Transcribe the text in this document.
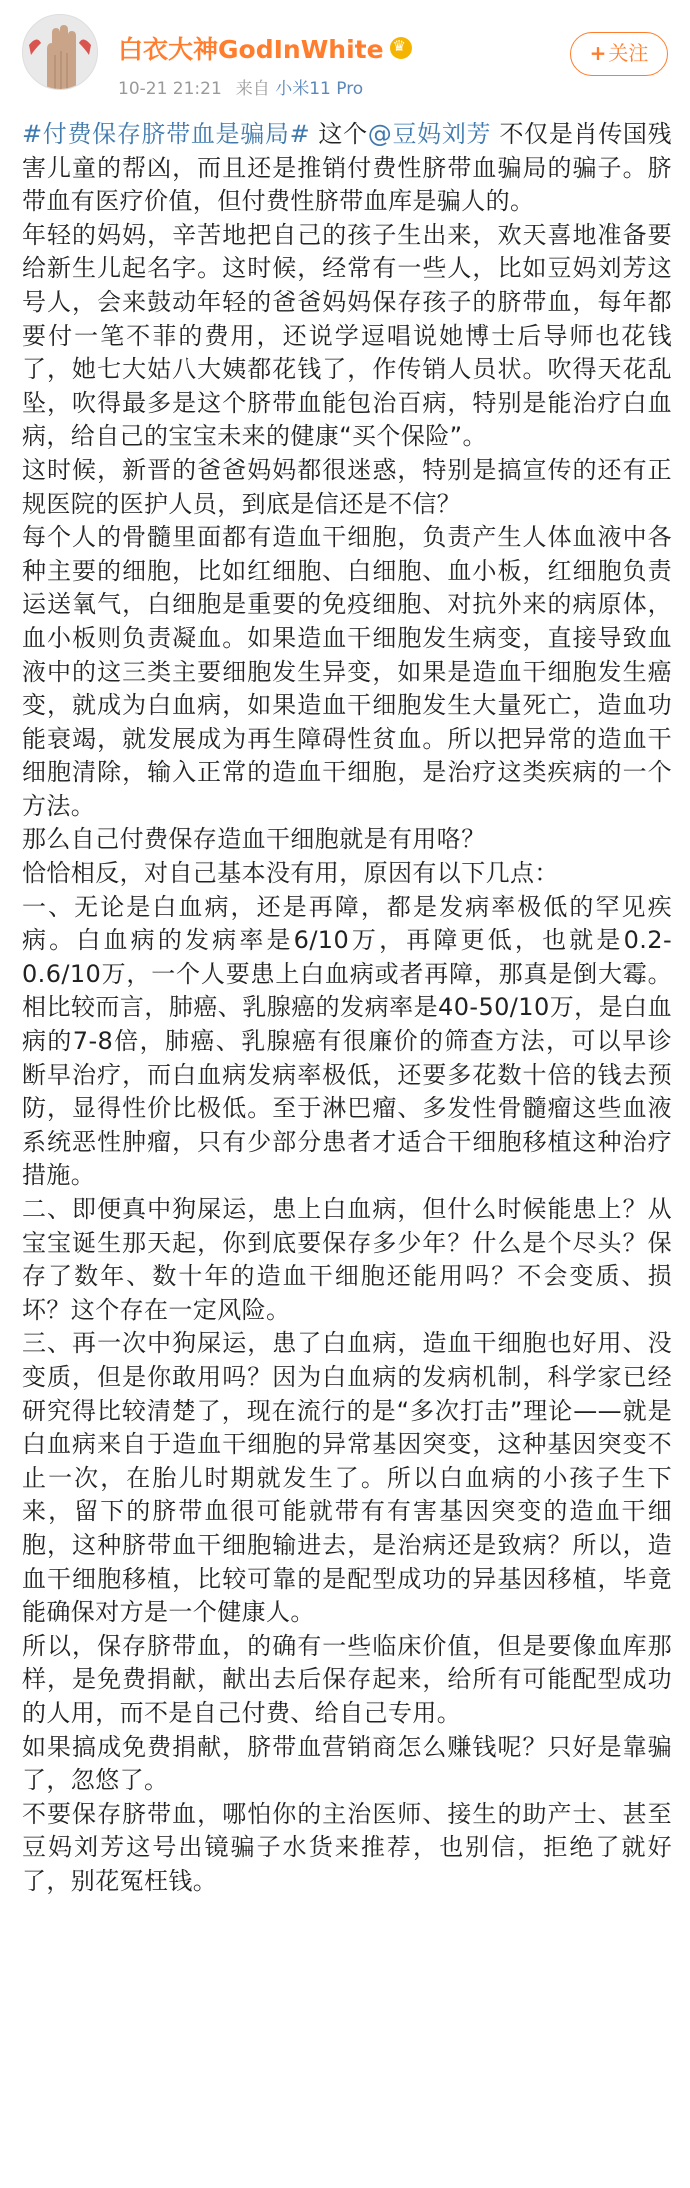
白衣大神GodInWhite
♛
10-21 21:21 来自 小米11 Pro
+ 关注

#付费保存脐带血是骗局# 这个@豆妈刘芳 不仅是肖传国残害儿童的帮凶，而且还是推销付费性脐带血骗局的骗子。脐带血有医疗价值，但付费性脐带血库是骗人的。

年轻的妈妈，辛苦地把自己的孩子生出来，欢天喜地准备要给新生儿起名字。这时候，经常有一些人，比如豆妈刘芳这号人，会来鼓动年轻的爸爸妈妈保存孩子的脐带血，每年都要付一笔不菲的费用，还说学逗唱说她博士后导师也花钱了，她七大姑八大姨都花钱了，作传销人员状。吹得天花乱坠，吹得最多是这个脐带血能包治百病，特别是能治疗白血病，给自己的宝宝未来的健康“买个保险”。

这时候，新晋的爸爸妈妈都很迷惑，特别是搞宣传的还有正规医院的医护人员，到底是信还是不信？

每个人的骨髓里面都有造血干细胞，负责产生人体血液中各种主要的细胞，比如红细胞、白细胞、血小板，红细胞负责运送氧气，白细胞是重要的免疫细胞、对抗外来的病原体，血小板则负责凝血。如果造血干细胞发生病变，直接导致血液中的这三类主要细胞发生异变，如果是造血干细胞发生癌变，就成为白血病，如果造血干细胞发生大量死亡，造血功能衰竭，就发展成为再生障碍性贫血。所以把异常的造血干细胞清除，输入正常的造血干细胞，是治疗这类疾病的一个方法。

那么自己付费保存造血干细胞就是有用咯？

恰恰相反，对自己基本没有用，原因有以下几点：

一、无论是白血病，还是再障，都是发病率极低的罕见疾病。白血病的发病率是6/10万，再障更低，也就是0.2-0.6/10万，一个人要患上白血病或者再障，那真是倒大霉。相比较而言，肺癌、乳腺癌的发病率是40-50/10万，是白血病的7-8倍，肺癌、乳腺癌有很廉价的筛查方法，可以早诊断早治疗，而白血病发病率极低，还要多花数十倍的钱去预防，显得性价比极低。至于淋巴瘤、多发性骨髓瘤这些血液系统恶性肿瘤，只有少部分患者才适合干细胞移植这种治疗措施。

二、即便真中狗屎运，患上白血病，但什么时候能患上？从宝宝诞生那天起，你到底要保存多少年？什么是个尽头？保存了数年、数十年的造血干细胞还能用吗？不会变质、损坏？这个存在一定风险。

三、再一次中狗屎运，患了白血病，造血干细胞也好用、没变质，但是你敢用吗？因为白血病的发病机制，科学家已经研究得比较清楚了，现在流行的是“多次打击”理论——就是白血病来自于造血干细胞的异常基因突变，这种基因突变不止一次，在胎儿时期就发生了。所以白血病的小孩子生下来，留下的脐带血很可能就带有有害基因突变的造血干细胞，这种脐带血干细胞输进去，是治病还是致病？所以，造血干细胞移植，比较可靠的是配型成功的异基因移植，毕竟能确保对方是一个健康人。

所以，保存脐带血，的确有一些临床价值，但是要像血库那样，是免费捐献，献出去后保存起来，给所有可能配型成功的人用，而不是自己付费、给自己专用。

如果搞成免费捐献，脐带血营销商怎么赚钱呢？只好是靠骗了，忽悠了。

不要保存脐带血，哪怕你的主治医师、接生的助产士、甚至豆妈刘芳这号出镜骗子水货来推荐，也别信，拒绝了就好了，别花冤枉钱。
